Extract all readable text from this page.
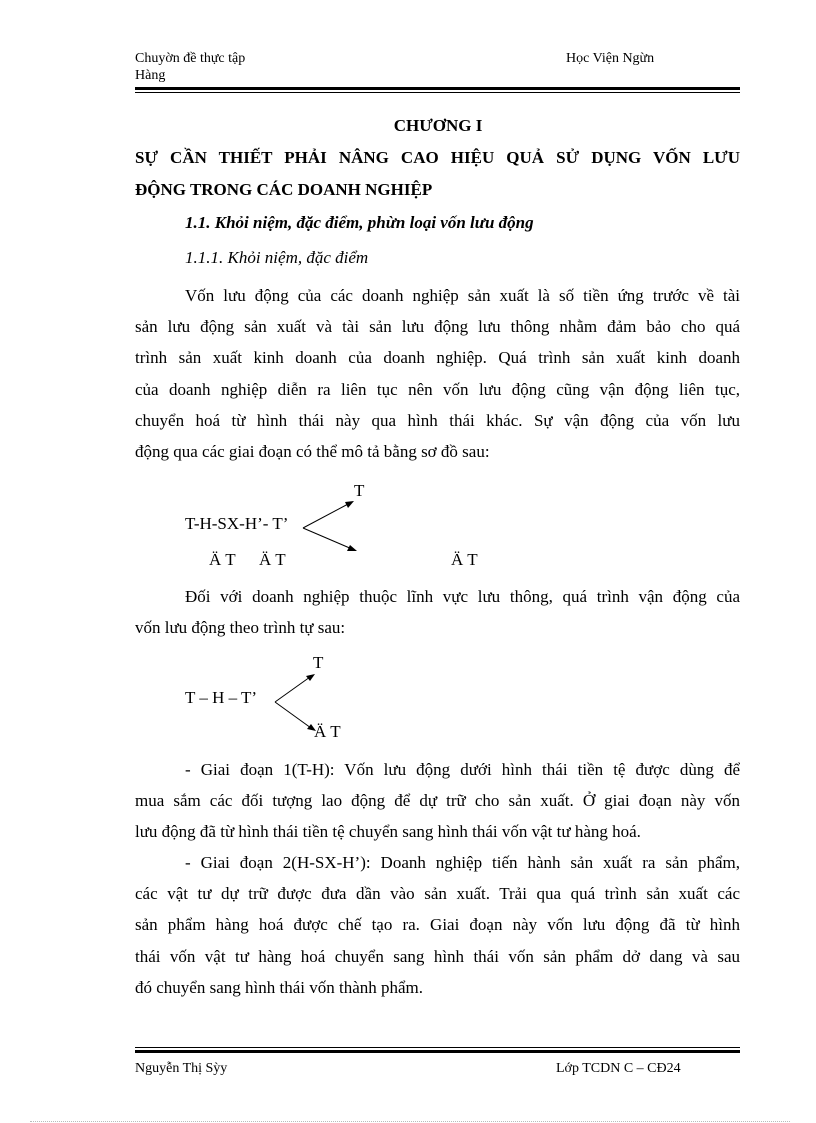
Chuyờn đề thực tập
Hàng
Học Viện Ngừn
CHƯƠNG I
SỰ CẦN THIẾT PHẢI NÂNG CAO HIỆU QUẢ SỬ DỤNG VỐN LƯU
ĐỘNG TRONG CÁC DOANH NGHIỆP
1.1. Khỏi niệm, đặc điểm, phừn loại vốn lưu động
1.1.1. Khỏi niệm, đặc điểm
Vốn lưu động của các doanh nghiệp sản xuất là số tiền ứng trước về tài
sản lưu động sản xuất và tài sản lưu động lưu thông nhằm đảm bảo cho quá
trình sản xuất kinh doanh của doanh nghiệp. Quá trình sản xuất kinh doanh
của doanh nghiệp diễn ra liên tục nên vốn lưu động cũng vận động liên tục,
chuyển hoá từ hình thái này qua hình thái khác. Sự vận động của vốn lưu
động qua các giai đoạn có thể mô tả bằng sơ đồ sau:
T
T-H-SX-H’- T’
Ä T Ä T	Ä T
Đối với doanh nghiệp thuộc lĩnh vực lưu thông, quá trình vận động của
vốn lưu động theo trình tự sau:
T
T – H – T’
Ä T
- Giai đoạn 1(T-H): Vốn lưu động dưới hình thái tiền tệ được dùng để
mua sắm các đối tượng lao động để dự trữ cho sản xuất. Ở giai đoạn này vốn
lưu động đã từ hình thái tiền tệ chuyển sang hình thái vốn vật tư hàng hoá.
- Giai đoạn 2(H-SX-H’): Doanh nghiệp tiến hành sản xuất ra sản phẩm,
các vật tư dự trữ được đưa dần vào sản xuất. Trải qua quá trình sản xuất các
sản phẩm hàng hoá được chế tạo ra. Giai đoạn này vốn lưu động đã từ hình
thái vốn vật tư hàng hoá chuyển sang hình thái vốn sản phẩm dở dang và sau
đó chuyển sang hình thái vốn thành phẩm.
Nguyễn Thị Sỳy	Lớp TCDN C – CĐ24
